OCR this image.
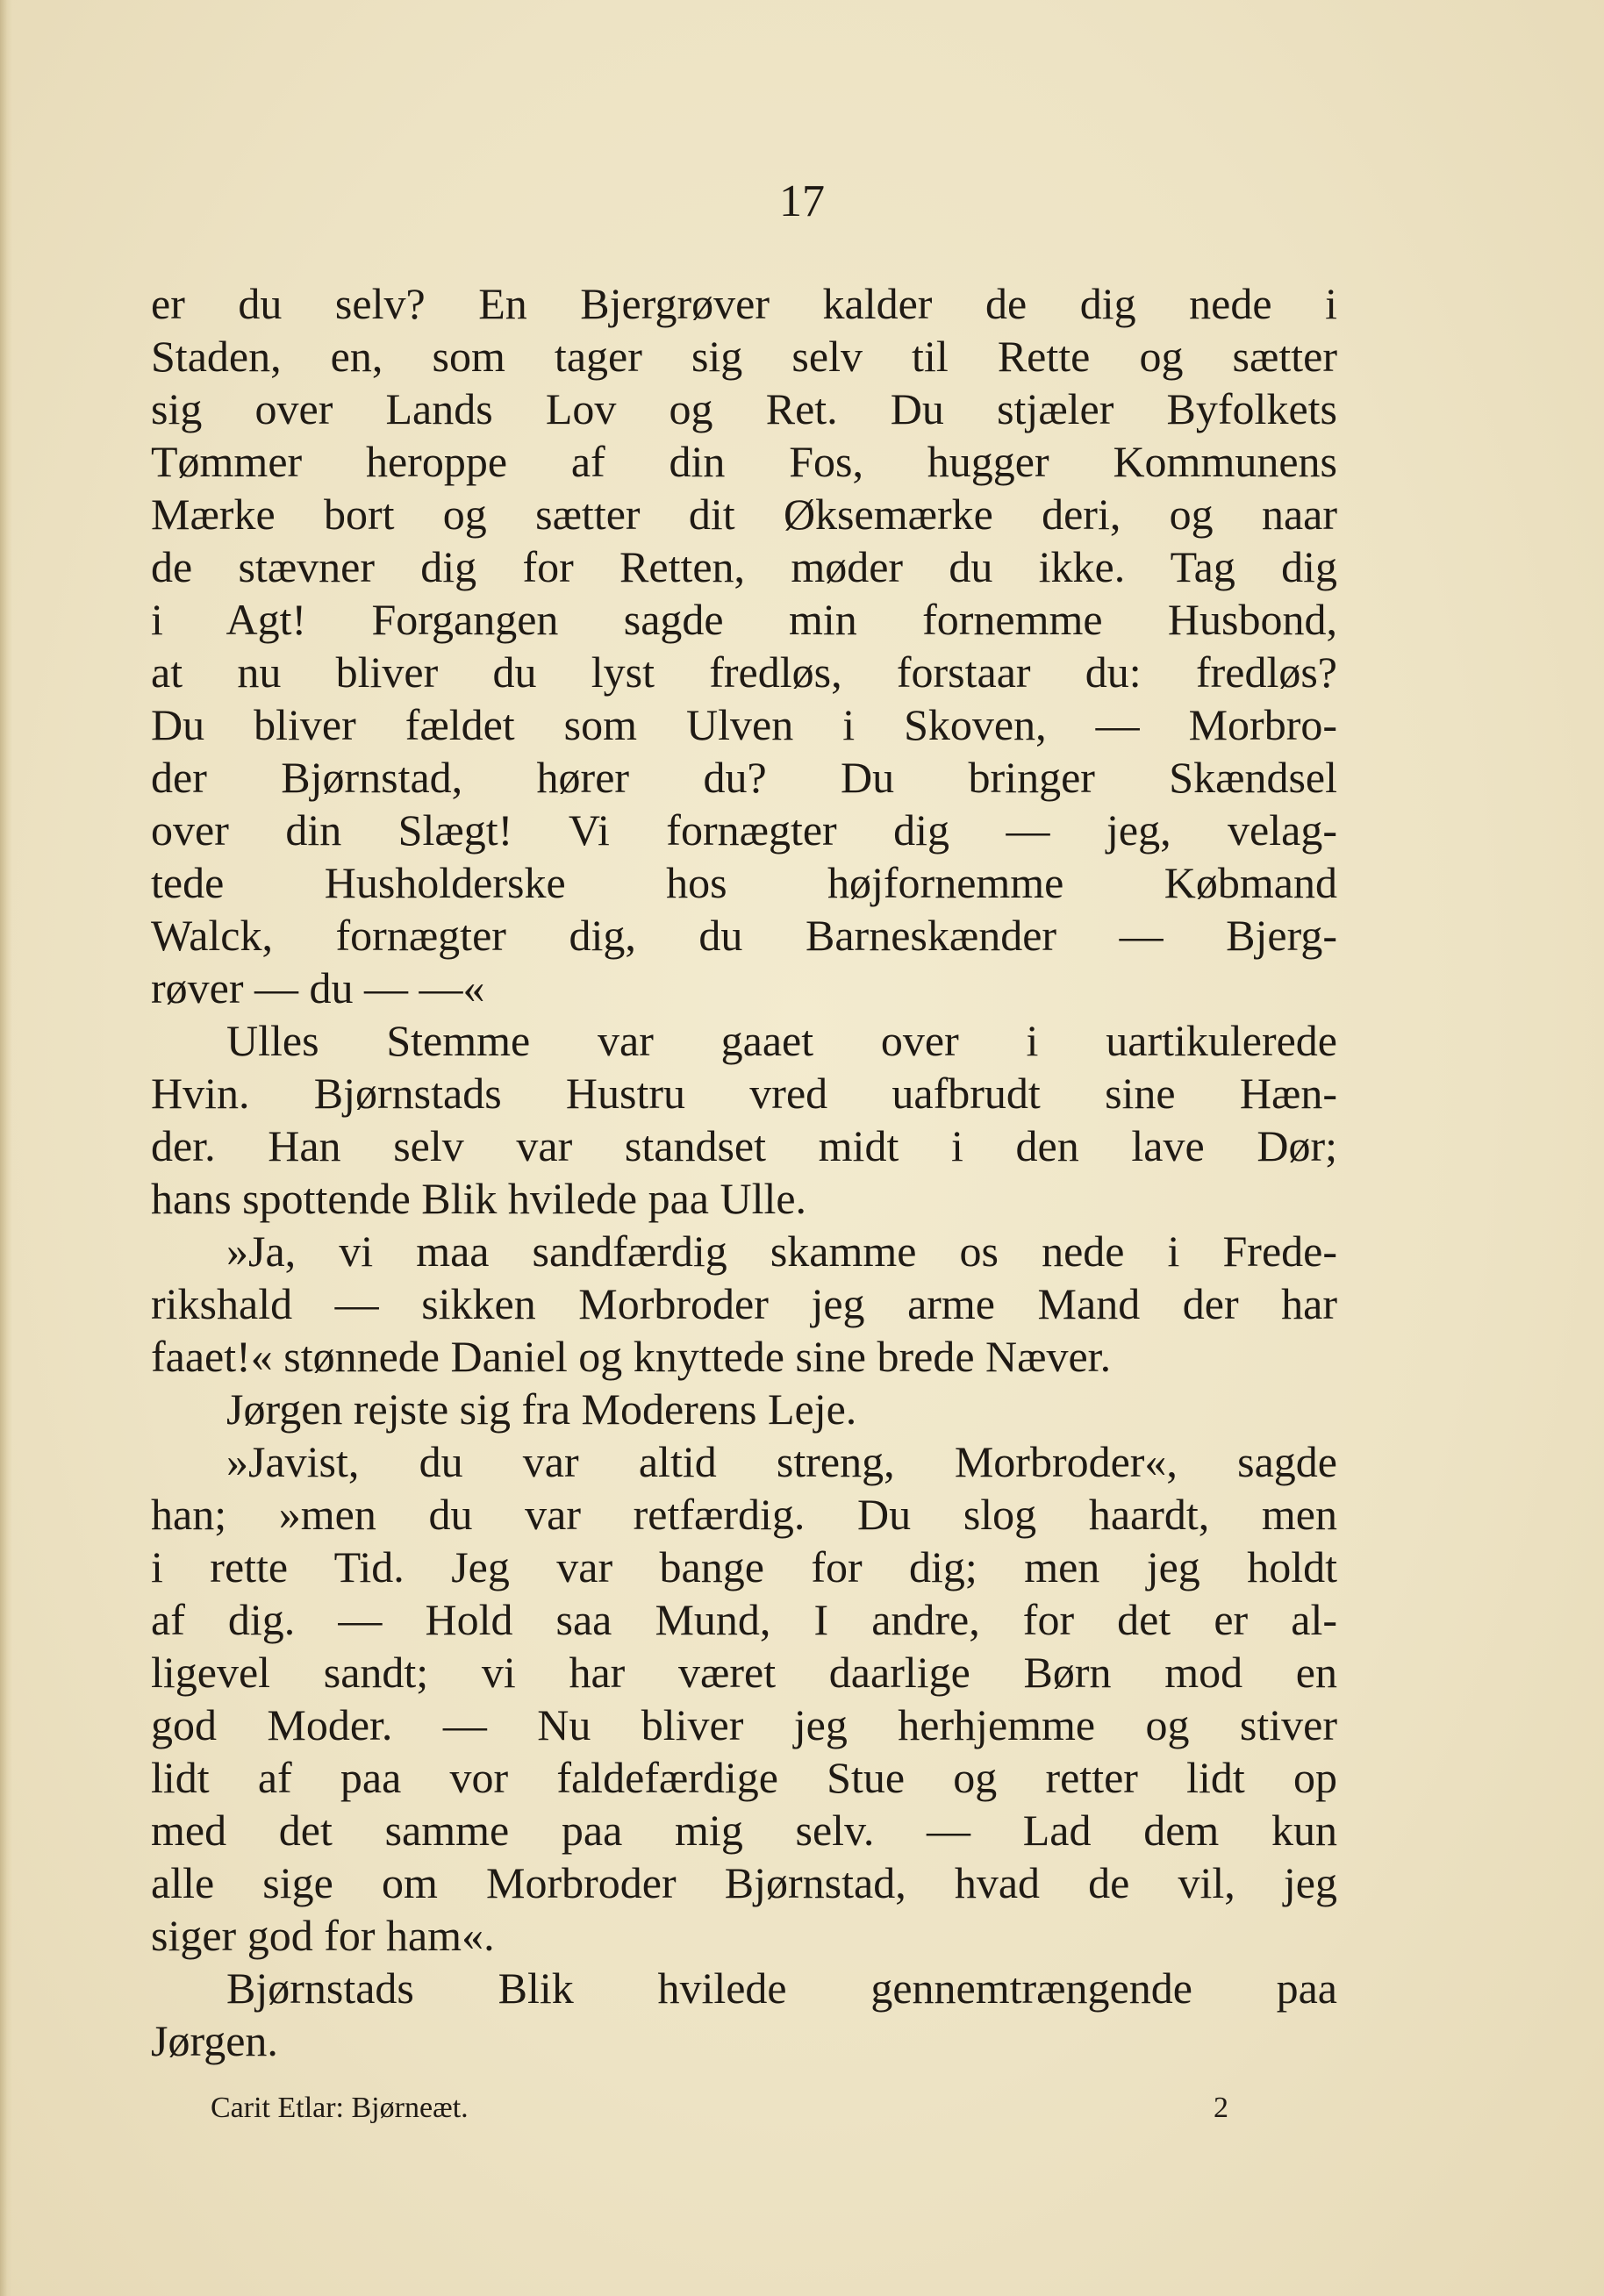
17
er du selv? En Bjergrøver kalder de dig nede i
Staden, en, som tager sig selv til Rette og sætter
sig over Lands Lov og Ret. Du stjæler Byfolkets
Tømmer heroppe af din Fos, hugger Kommunens
Mærke bort og sætter dit Øksemærke deri, og naar
de stævner dig for Retten, møder du ikke. Tag dig
i Agt! Forgangen sagde min fornemme Husbond,
at nu bliver du lyst fredløs, forstaar du: fredløs?
Du bliver fældet som Ulven i Skoven, — Morbro-
der Bjørnstad, hører du? Du bringer Skændsel
over din Slægt! Vi fornægter dig — jeg, velag-
tede Husholderske hos højfornemme Købmand
Walck, fornægter dig, du Barneskænder — Bjerg-
røver — du — —«
Ulles Stemme var gaaet over i uartikulerede
Hvin. Bjørnstads Hustru vred uafbrudt sine Hæn-
der. Han selv var standset midt i den lave Dør;
hans spottende Blik hvilede paa Ulle.
»Ja, vi maa sandfærdig skamme os nede i Frede-
rikshald — sikken Morbroder jeg arme Mand der har
faaet!« stønnede Daniel og knyttede sine brede Næver.
Jørgen rejste sig fra Moderens Leje.
»Javist, du var altid streng, Morbroder«, sagde
han; »men du var retfærdig. Du slog haardt, men
i rette Tid. Jeg var bange for dig; men jeg holdt
af dig. — Hold saa Mund, I andre, for det er al-
ligevel sandt; vi har været daarlige Børn mod en
god Moder. — Nu bliver jeg herhjemme og stiver
lidt af paa vor faldefærdige Stue og retter lidt op
med det samme paa mig selv. — Lad dem kun
alle sige om Morbroder Bjørnstad, hvad de vil, jeg
siger god for ham«.
Bjørnstads Blik hvilede gennemtrængende paa
Jørgen.
Carit Etlar: Bjørneæt.	2
